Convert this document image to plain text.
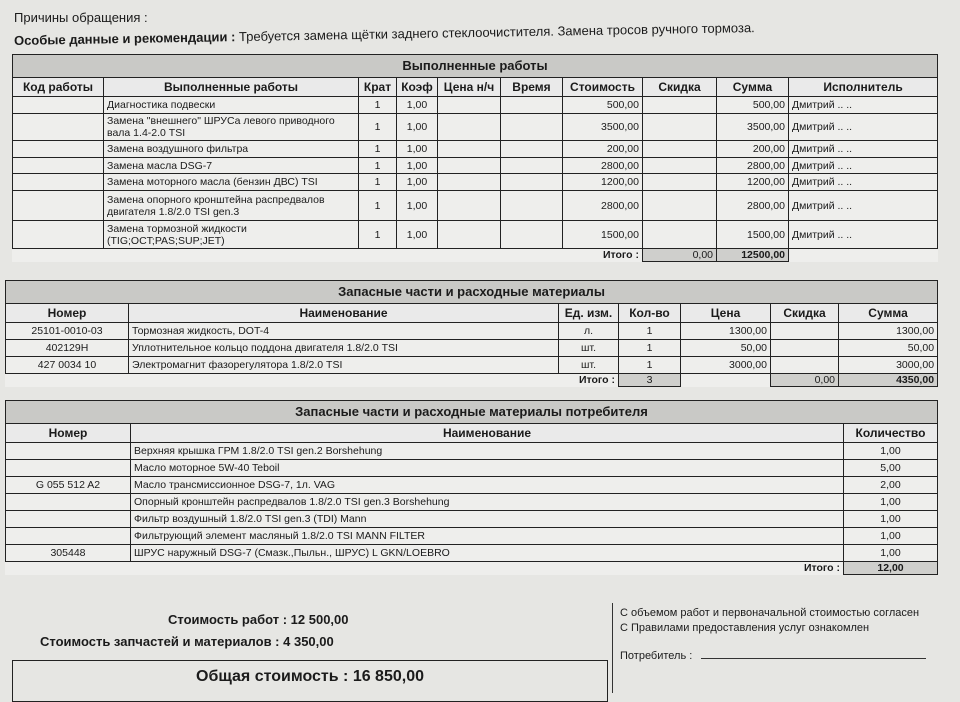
Причины обращения :
Особые данные и рекомендации : Требуется замена щётки заднего стеклоочистителя. Замена тросов ручного тормоза.
Выполненные работы									
Код работы	Выполненные работы	Крат	Коэф	Цена н/ч	Время	Стоимость	Скидка	Сумма	Исполнитель
	Диагностика подвески	1	1,00			500,00		500,00	Дмитрий .. ..
	Замена "внешнего" ШРУСа левого приводного вала 1.4-2.0 TSI	1	1,00			3500,00		3500,00	Дмитрий .. ..
	Замена воздушного фильтра	1	1,00			200,00		200,00	Дмитрий .. ..
	Замена масла DSG-7	1	1,00			2800,00		2800,00	Дмитрий .. ..
	Замена моторного масла (бензин ДВС) TSI	1	1,00			1200,00		1200,00	Дмитрий .. ..
	Замена опорного кронштейна распредвалов двигателя 1.8/2.0 TSI gen.3	1	1,00			2800,00		2800,00	Дмитрий .. ..
	Замена тормозной жидкости (TIG;OCT;PAS;SUP;JET)	1	1,00			1500,00		1500,00	Дмитрий .. ..
						Итого :	0,00	12500,00	
Запасные части и расходные материалы						
Номер	Наименование	Ед. изм.	Кол-во	Цена	Скидка	Сумма
25101-0010-03	Тормозная жидкость, DOT-4	л.	1	1300,00		1300,00
402129H	Уплотнительное кольцо поддона двигателя 1.8/2.0 TSI	шт.	1	50,00		50,00
427 0034 10	Электромагнит фазорегулятора 1.8/2.0 TSI	шт.	1	3000,00		3000,00
		Итого :	3		0,00	4350,00
Запасные части и расходные материалы потребителя		
Номер	Наименование	Количество
	Верхняя крышка ГРМ 1.8/2.0 TSI gen.2 Borshehung	1,00
	Масло моторное 5W-40 Teboil	5,00
G 055 512 A2	Масло трансмиссионное DSG-7, 1л. VAG	2,00
	Опорный кронштейн распредвалов 1.8/2.0 TSI gen.3 Borshehung	1,00
	Фильтр воздушный 1.8/2.0 TSI gen.3 (TDI) Mann	1,00
	Фильтрующий элемент масляный 1.8/2.0 TSI MANN FILTER	1,00
305448	ШРУС наружный DSG-7 (Смазк.,Пыльн., ШРУС) L GKN/LOEBRO	1,00
	Итого :	12,00
Стоимость работ : 12 500,00
Стоимость запчастей и материалов : 4 350,00
Общая стоимость : 16 850,00
С объемом работ и первоначальной стоимостью согласен
С Правилами предоставления услуг ознакомлен
Потребитель :
